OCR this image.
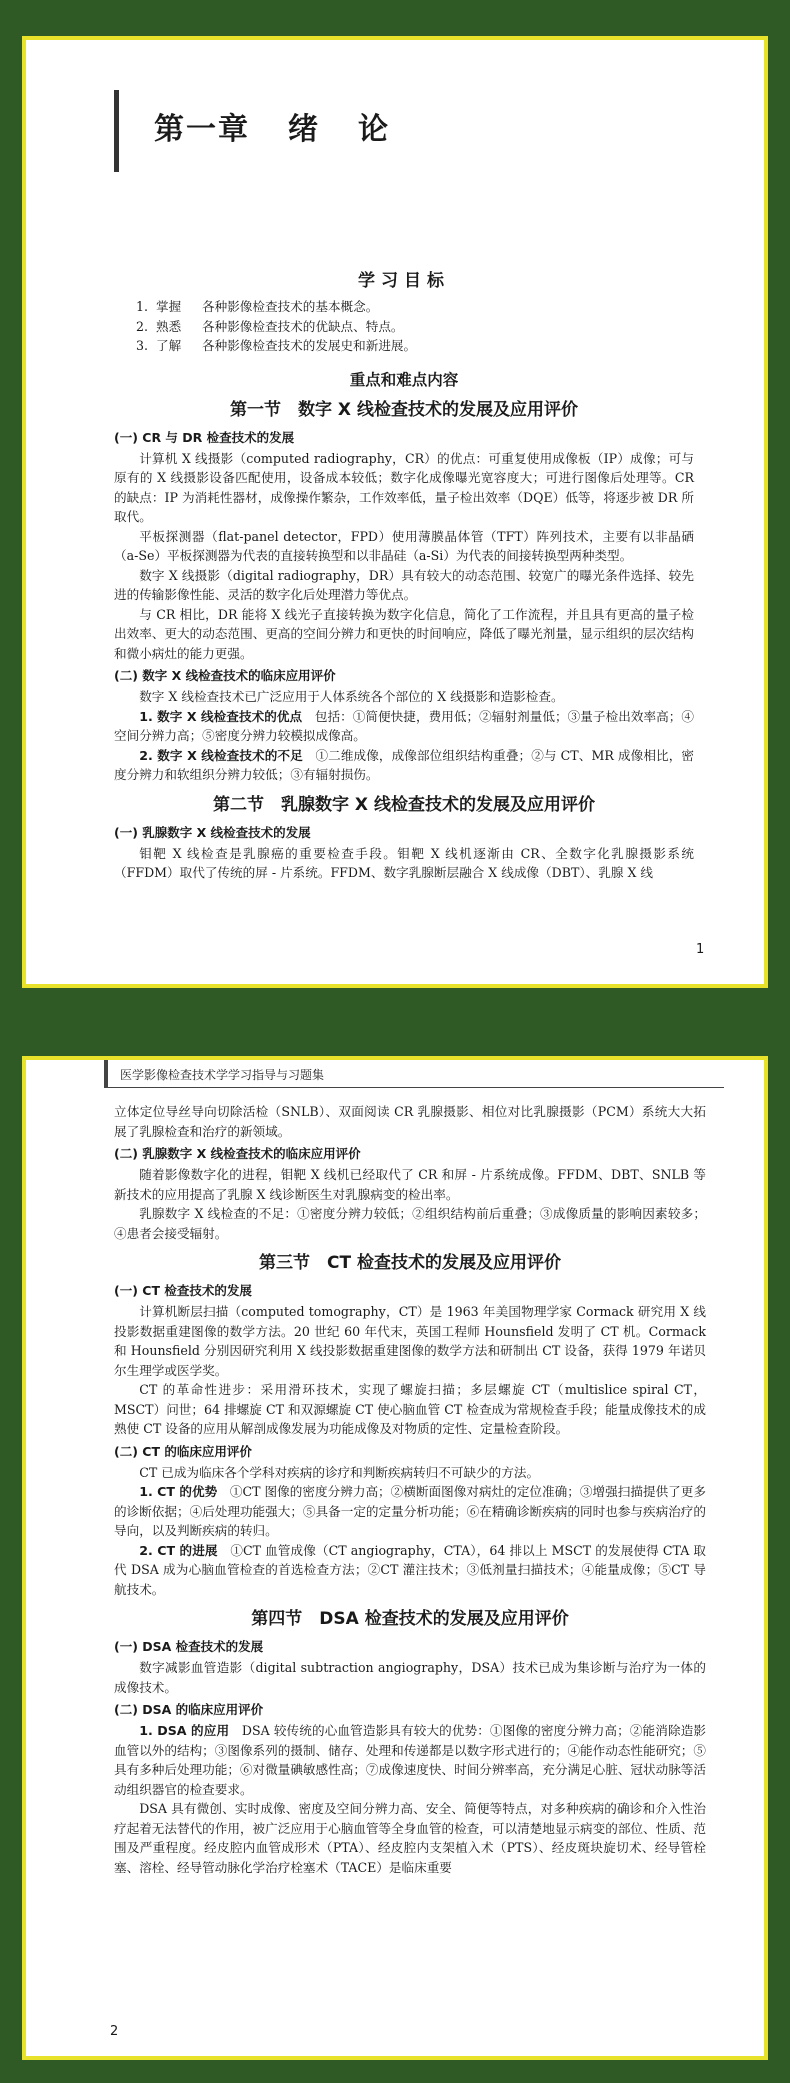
第一章 绪 论
学习目标
1. 掌握 各种影像检查技术的基本概念。
2. 熟悉 各种影像检查技术的优缺点、特点。
3. 了解 各种影像检查技术的发展史和新进展。
重点和难点内容
第一节　数字 X 线检查技术的发展及应用评价
(一) CR 与 DR 检查技术的发展

计算机 X 线摄影（computed radiography，CR）的优点：可重复使用成像板（IP）成像；可与原有的 X 线摄影设备匹配使用，设备成本较低；数字化成像曝光宽容度大；可进行图像后处理等。CR 的缺点：IP 为消耗性器材，成像操作繁杂，工作效率低，量子检出效率（DQE）低等，将逐步被 DR 所取代。

平板探测器（flat-panel detector，FPD）使用薄膜晶体管（TFT）阵列技术，主要有以非晶硒（a-Se）平板探测器为代表的直接转换型和以非晶硅（a-Si）为代表的间接转换型两种类型。

数字 X 线摄影（digital radiography，DR）具有较大的动态范围、较宽广的曝光条件选择、较先进的传输影像性能、灵活的数字化后处理潜力等优点。

与 CR 相比，DR 能将 X 线光子直接转换为数字化信息，简化了工作流程，并且具有更高的量子检出效率、更大的动态范围、更高的空间分辨力和更快的时间响应，降低了曝光剂量，显示组织的层次结构和微小病灶的能力更强。

(二) 数字 X 线检查技术的临床应用评价

数字 X 线检查技术已广泛应用于人体系统各个部位的 X 线摄影和造影检查。

1. 数字 X 线检查技术的优点　 包括：①简便快捷，费用低；②辐射剂量低；③量子检出效率高；④空间分辨力高；⑤密度分辨力较模拟成像高。

2. 数字 X 线检查技术的不足　 ①二维成像，成像部位组织结构重叠；②与 CT、MR 成像相比，密度分辨力和软组织分辨力较低；③有辐射损伤。

第二节　乳腺数字 X 线检查技术的发展及应用评价
(一) 乳腺数字 X 线检查技术的发展

钼靶 X 线检查是乳腺癌的重要检查手段。钼靶 X 线机逐渐由 CR、全数字化乳腺摄影系统（FFDM）取代了传统的屏 - 片系统。FFDM、数字乳腺断层融合 X 线成像（DBT）、乳腺 X 线

1
医学影像检查技术学学习指导与习题集

立体定位导丝导向切除活检（SNLB）、双面阅读 CR 乳腺摄影、相位对比乳腺摄影（PCM）系统大大拓展了乳腺检查和治疗的新领域。

(二) 乳腺数字 X 线检查技术的临床应用评价

随着影像数字化的进程，钼靶 X 线机已经取代了 CR 和屏 - 片系统成像。FFDM、DBT、SNLB 等新技术的应用提高了乳腺 X 线诊断医生对乳腺病变的检出率。

乳腺数字 X 线检查的不足：①密度分辨力较低；②组织结构前后重叠；③成像质量的影响因素较多；④患者会接受辐射。

第三节　CT 检查技术的发展及应用评价
(一) CT 检查技术的发展

计算机断层扫描（computed tomography，CT）是 1963 年美国物理学家 Cormack 研究用 X 线投影数据重建图像的数学方法。20 世纪 60 年代末，英国工程师 Hounsfield 发明了 CT 机。Cormack 和 Hounsfield 分别因研究利用 X 线投影数据重建图像的数学方法和研制出 CT 设备，获得 1979 年诺贝尔生理学或医学奖。

CT 的革命性进步：采用滑环技术，实现了螺旋扫描；多层螺旋 CT（multislice spiral CT，MSCT）问世；64 排螺旋 CT 和双源螺旋 CT 使心脑血管 CT 检查成为常规检查手段；能量成像技术的成熟使 CT 设备的应用从解剖成像发展为功能成像及对物质的定性、定量检查阶段。

(二) CT 的临床应用评价

CT 已成为临床各个学科对疾病的诊疗和判断疾病转归不可缺少的方法。

1. CT 的优势　 ①CT 图像的密度分辨力高；②横断面图像对病灶的定位准确；③增强扫描提供了更多的诊断依据；④后处理功能强大；⑤具备一定的定量分析功能；⑥在精确诊断疾病的同时也参与疾病治疗的导向，以及判断疾病的转归。

2. CT 的进展　 ①CT 血管成像（CT angiography，CTA），64 排以上 MSCT 的发展使得 CTA 取代 DSA 成为心脑血管检查的首选检查方法；②CT 灌注技术；③低剂量扫描技术；④能量成像；⑤CT 导航技术。

第四节　DSA 检查技术的发展及应用评价
(一) DSA 检查技术的发展

数字减影血管造影（digital subtraction angiography，DSA）技术已成为集诊断与治疗为一体的成像技术。

(二) DSA 的临床应用评价

1. DSA 的应用　 DSA 较传统的心血管造影具有较大的优势：①图像的密度分辨力高；②能消除造影血管以外的结构；③图像系列的摄制、储存、处理和传递都是以数字形式进行的；④能作动态性能研究；⑤具有多种后处理功能；⑥对微量碘敏感性高；⑦成像速度快、时间分辨率高，充分满足心脏、冠状动脉等活动组织器官的检查要求。

DSA 具有微创、实时成像、密度及空间分辨力高、安全、简便等特点，对多种疾病的确诊和介入性治疗起着无法替代的作用，被广泛应用于心脑血管等全身血管的检查，可以清楚地显示病变的部位、性质、范围及严重程度。经皮腔内血管成形术（PTA）、经皮腔内支架植入术（PTS）、经皮斑块旋切术、经导管栓塞、溶栓、经导管动脉化学治疗栓塞术（TACE）是临床重要

2
